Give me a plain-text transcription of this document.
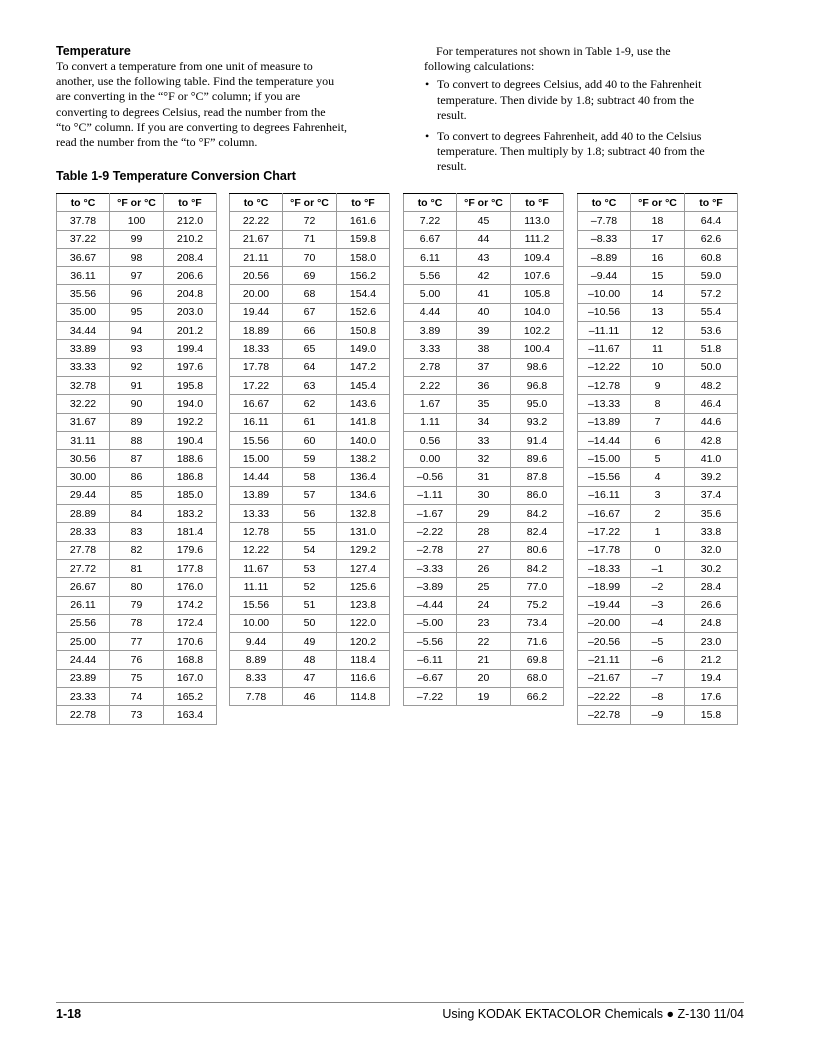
Temperature
To convert a temperature from one unit of measure to
another, use the following table. Find the temperature you
are converting in the “°F or °C” column; if you are
converting to degrees Celsius, read the number from the
“to °C” column. If you are converting to degrees Fahrenheit,
read the number from the “to °F” column.
For temperatures not shown in Table 1-9, use the
following calculations:
• To convert to degrees Celsius, add 40 to the Fahrenheit
temperature. Then divide by 1.8; subtract 40 from the
result.
• To convert to degrees Fahrenheit, add 40 to the Celsius
temperature. Then multiply by 1.8; subtract 40 from the
result.
Table 1-9 Temperature Conversion Chart
to °C	°F or °C	to °F
37.78	100	212.0
37.22	99	210.2
36.67	98	208.4
36.11	97	206.6
35.56	96	204.8
35.00	95	203.0
34.44	94	201.2
33.89	93	199.4
33.33	92	197.6
32.78	91	195.8
32.22	90	194.0
31.67	89	192.2
31.11	88	190.4
30.56	87	188.6
30.00	86	186.8
29.44	85	185.0
28.89	84	183.2
28.33	83	181.4
27.78	82	179.6
27.72	81	177.8
26.67	80	176.0
26.11	79	174.2
25.56	78	172.4
25.00	77	170.6
24.44	76	168.8
23.89	75	167.0
23.33	74	165.2
22.78	73	163.4
to °C	°F or °C	to °F
22.22	72	161.6
21.67	71	159.8
21.11	70	158.0
20.56	69	156.2
20.00	68	154.4
19.44	67	152.6
18.89	66	150.8
18.33	65	149.0
17.78	64	147.2
17.22	63	145.4
16.67	62	143.6
16.11	61	141.8
15.56	60	140.0
15.00	59	138.2
14.44	58	136.4
13.89	57	134.6
13.33	56	132.8
12.78	55	131.0
12.22	54	129.2
11.67	53	127.4
11.11	52	125.6
15.56	51	123.8
10.00	50	122.0
9.44	49	120.2
8.89	48	118.4
8.33	47	116.6
7.78	46	114.8
to °C	°F or °C	to °F
7.22	45	113.0
6.67	44	111.2
6.11	43	109.4
5.56	42	107.6
5.00	41	105.8
4.44	40	104.0
3.89	39	102.2
3.33	38	100.4
2.78	37	98.6
2.22	36	96.8
1.67	35	95.0
1.11	34	93.2
0.56	33	91.4
0.00	32	89.6
–0.56	31	87.8
–1.11	30	86.0
–1.67	29	84.2
–2.22	28	82.4
–2.78	27	80.6
–3.33	26	84.2
–3.89	25	77.0
–4.44	24	75.2
–5.00	23	73.4
–5.56	22	71.6
–6.11	21	69.8
–6.67	20	68.0
–7.22	19	66.2
to °C	°F or °C	to °F
–7.78	18	64.4
–8.33	17	62.6
–8.89	16	60.8
–9.44	15	59.0
–10.00	14	57.2
–10.56	13	55.4
–11.11	12	53.6
–11.67	11	51.8
–12.22	10	50.0
–12.78	9	48.2
–13.33	8	46.4
–13.89	7	44.6
–14.44	6	42.8
–15.00	5	41.0
–15.56	4	39.2
–16.11	3	37.4
–16.67	2	35.6
–17.22	1	33.8
–17.78	0	32.0
–18.33	–1	30.2
–18.99	–2	28.4
–19.44	–3	26.6
–20.00	–4	24.8
–20.56	–5	23.0
–21.11	–6	21.2
–21.67	–7	19.4
–22.22	–8	17.6
–22.78	–9	15.8
1-18	Using KODAK EKTACOLOR Chemicals ● Z-130 11/04
